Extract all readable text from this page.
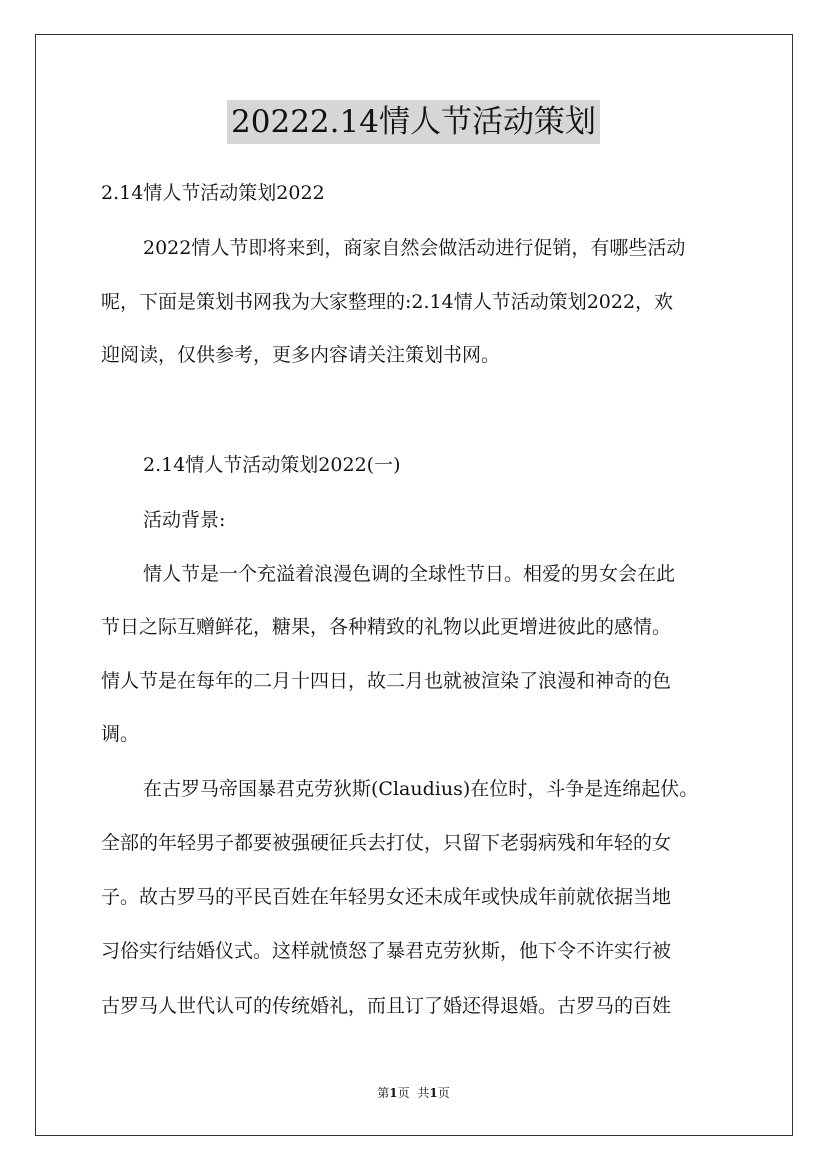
20222.14情人节活动策划
2.14情人节活动策划2022
2022情人节即将来到，商家自然会做活动进行促销，有哪些活动
呢，下面是策划书网我为大家整理的:2.14情人节活动策划2022，欢
迎阅读，仅供参考，更多内容请关注策划书网。
2.14情人节活动策划2022(一)
活动背景:
情人节是一个充溢着浪漫色调的全球性节日。相爱的男女会在此
节日之际互赠鲜花，糖果，各种精致的礼物以此更增进彼此的感情。
情人节是在每年的二月十四日，故二月也就被渲染了浪漫和神奇的色
调。
在古罗马帝国暴君克劳狄斯(Claudius)在位时，斗争是连绵起伏。
全部的年轻男子都要被强硬征兵去打仗，只留下老弱病残和年轻的女
子。故古罗马的平民百姓在年轻男女还未成年或快成年前就依据当地
习俗实行结婚仪式。这样就愤怒了暴君克劳狄斯，他下令不许实行被
古罗马人世代认可的传统婚礼，而且订了婚还得退婚。古罗马的百姓
第1页 共1页
